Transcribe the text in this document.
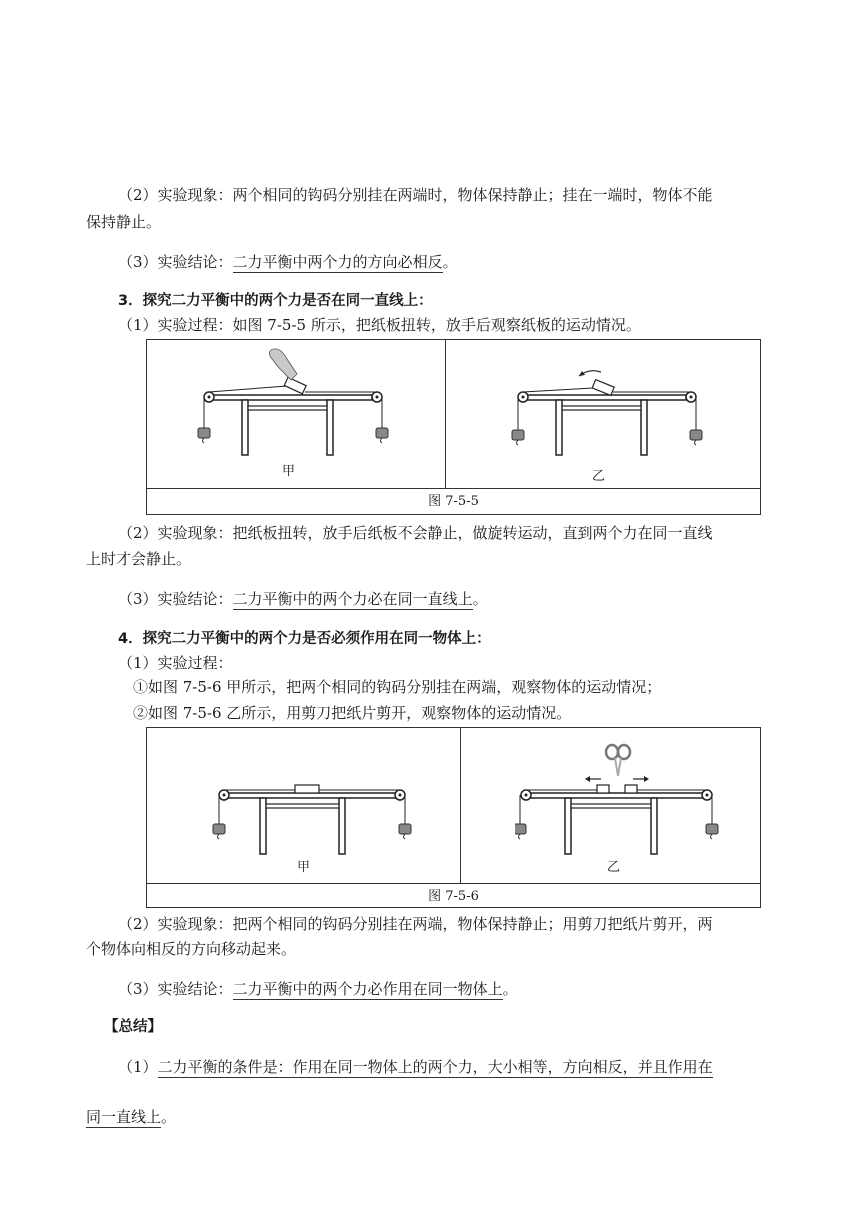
（2）实验现象：两个相同的钩码分别挂在两端时，物体保持静止；挂在一端时，物体不能
保持静止。
（3）实验结论：二力平衡中两个力的方向必相反。
3．探究二力平衡中的两个力是否在同一直线上：
（1）实验过程：如图 7-5-5 所示，把纸板扭转，放手后观察纸板的运动情况。
甲	乙
图 7-5-5
（2）实验现象：把纸板扭转，放手后纸板不会静止，做旋转运动，直到两个力在同一直线
上时才会静止。
（3）实验结论：二力平衡中的两个力必在同一直线上。
4．探究二力平衡中的两个力是否必须作用在同一物体上：
（1）实验过程：
①如图 7-5-6 甲所示，把两个相同的钩码分别挂在两端，观察物体的运动情况；
②如图 7-5-6 乙所示，用剪刀把纸片剪开，观察物体的运动情况。
甲	乙
图 7-5-6
（2）实验现象：把两个相同的钩码分别挂在两端，物体保持静止；用剪刀把纸片剪开，两
个物体向相反的方向移动起来。
（3）实验结论：二力平衡中的两个力必作用在同一物体上。
【总结】
（1）二力平衡的条件是：作用在同一物体上的两个力，大小相等，方向相反，并且作用在
同一直线上。
